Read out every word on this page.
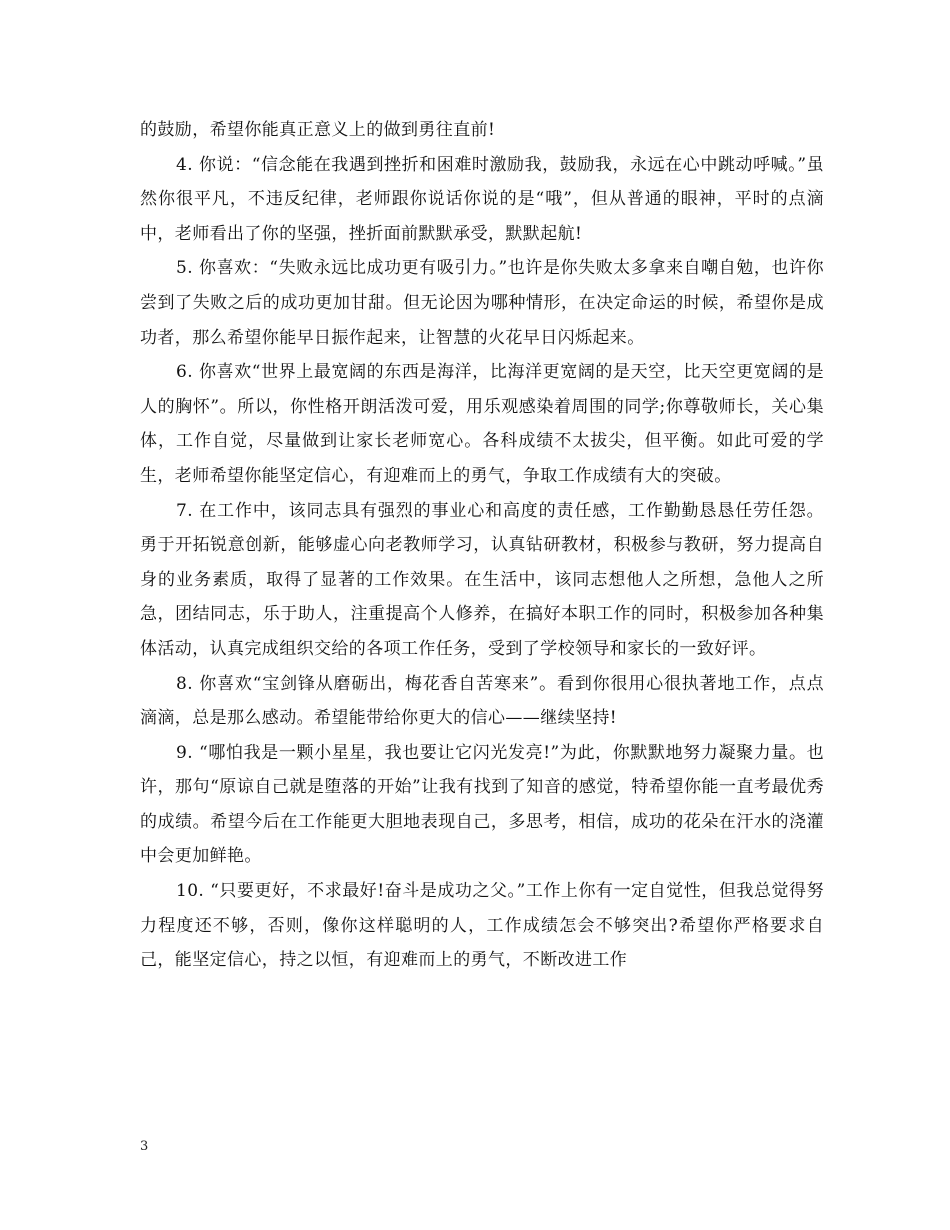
的鼓励，希望你能真正意义上的做到勇往直前!

4. 你说：“信念能在我遇到挫折和困难时激励我，鼓励我，永远在心中跳动呼喊。”虽然你很平凡，不违反纪律，老师跟你说话你说的是“哦”，但从普通的眼神，平时的点滴中，老师看出了你的坚强，挫折面前默默承受，默默起航!

5. 你喜欢：“失败永远比成功更有吸引力。”也许是你失败太多拿来自嘲自勉，也许你尝到了失败之后的成功更加甘甜。但无论因为哪种情形，在决定命运的时候，希望你是成功者，那么希望你能早日振作起来，让智慧的火花早日闪烁起来。

6. 你喜欢“世界上最宽阔的东西是海洋，比海洋更宽阔的是天空，比天空更宽阔的是人的胸怀”。所以，你性格开朗活泼可爱，用乐观感染着周围的同学;你尊敬师长，关心集体，工作自觉，尽量做到让家长老师宽心。各科成绩不太拔尖，但平衡。如此可爱的学生，老师希望你能坚定信心，有迎难而上的勇气，争取工作成绩有大的突破。

7. 在工作中，该同志具有强烈的事业心和高度的责任感，工作勤勤恳恳任劳任怨。勇于开拓锐意创新，能够虚心向老教师学习，认真钻研教材，积极参与教研，努力提高自身的业务素质，取得了显著的工作效果。在生活中，该同志想他人之所想，急他人之所急，团结同志，乐于助人，注重提高个人修养，在搞好本职工作的同时，积极参加各种集体活动，认真完成组织交给的各项工作任务，受到了学校领导和家长的一致好评。

8. 你喜欢“宝剑锋从磨砺出，梅花香自苦寒来”。看到你很用心很执著地工作，点点滴滴，总是那么感动。希望能带给你更大的信心——继续坚持!

9. “哪怕我是一颗小星星，我也要让它闪光发亮!”为此，你默默地努力凝聚力量。也许，那句“原谅自己就是堕落的开始”让我有找到了知音的感觉，特希望你能一直考最优秀的成绩。希望今后在工作能更大胆地表现自己，多思考，相信，成功的花朵在汗水的浇灌中会更加鲜艳。

10. “只要更好，不求最好!奋斗是成功之父。”工作上你有一定自觉性，但我总觉得努力程度还不够，否则，像你这样聪明的人，工作成绩怎会不够突出?希望你严格要求自己，能坚定信心，持之以恒，有迎难而上的勇气，不断改进工作

3
